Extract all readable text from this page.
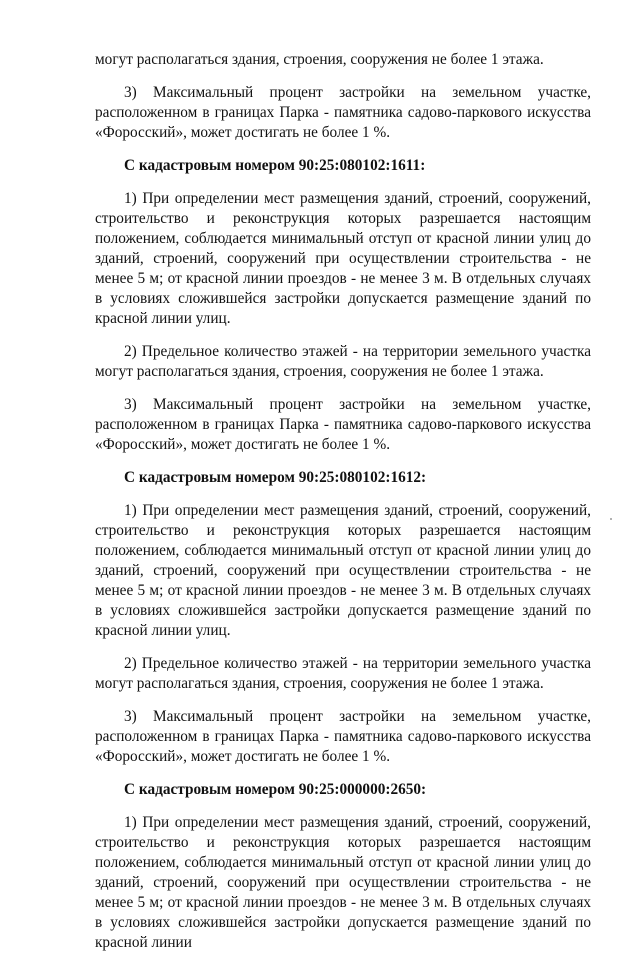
могут располагаться здания, строения, сооружения не более 1 этажа.

3) Максимальный процент застройки на земельном участке, расположенном в границах Парка - памятника садово-паркового искусства «Форосский», может достигать не более 1 %.

С кадастровым номером 90:25:080102:1611:

1) При определении мест размещения зданий, строений, сооружений, строительство и реконструкция которых разрешается настоящим положением, соблюдается минимальный отступ от красной линии улиц до зданий, строений, сооружений при осуществлении строительства - не менее 5 м; от красной линии проездов - не менее 3 м. В отдельных случаях в условиях сложившейся застройки допускается размещение зданий по красной линии улиц.

2) Предельное количество этажей - на территории земельного участка могут располагаться здания, строения, сооружения не более 1 этажа.

3) Максимальный процент застройки на земельном участке, расположенном в границах Парка - памятника садово-паркового искусства «Форосский», может достигать не более 1 %.

С кадастровым номером 90:25:080102:1612:

1) При определении мест размещения зданий, строений, сооружений, строительство и реконструкция которых разрешается настоящим положением, соблюдается минимальный отступ от красной линии улиц до зданий, строений, сооружений при осуществлении строительства - не менее 5 м; от красной линии проездов - не менее 3 м. В отдельных случаях в условиях сложившейся застройки допускается размещение зданий по красной линии улиц.

2) Предельное количество этажей - на территории земельного участка могут располагаться здания, строения, сооружения не более 1 этажа.

3) Максимальный процент застройки на земельном участке, расположенном в границах Парка - памятника садово-паркового искусства «Форосский», может достигать не более 1 %.

С кадастровым номером 90:25:000000:2650:

1) При определении мест размещения зданий, строений, сооружений, строительство и реконструкция которых разрешается настоящим положением, соблюдается минимальный отступ от красной линии улиц до зданий, строений, сооружений при осуществлении строительства - не менее 5 м; от красной линии проездов - не менее 3 м. В отдельных случаях в условиях сложившейся застройки допускается размещение зданий по красной линии
